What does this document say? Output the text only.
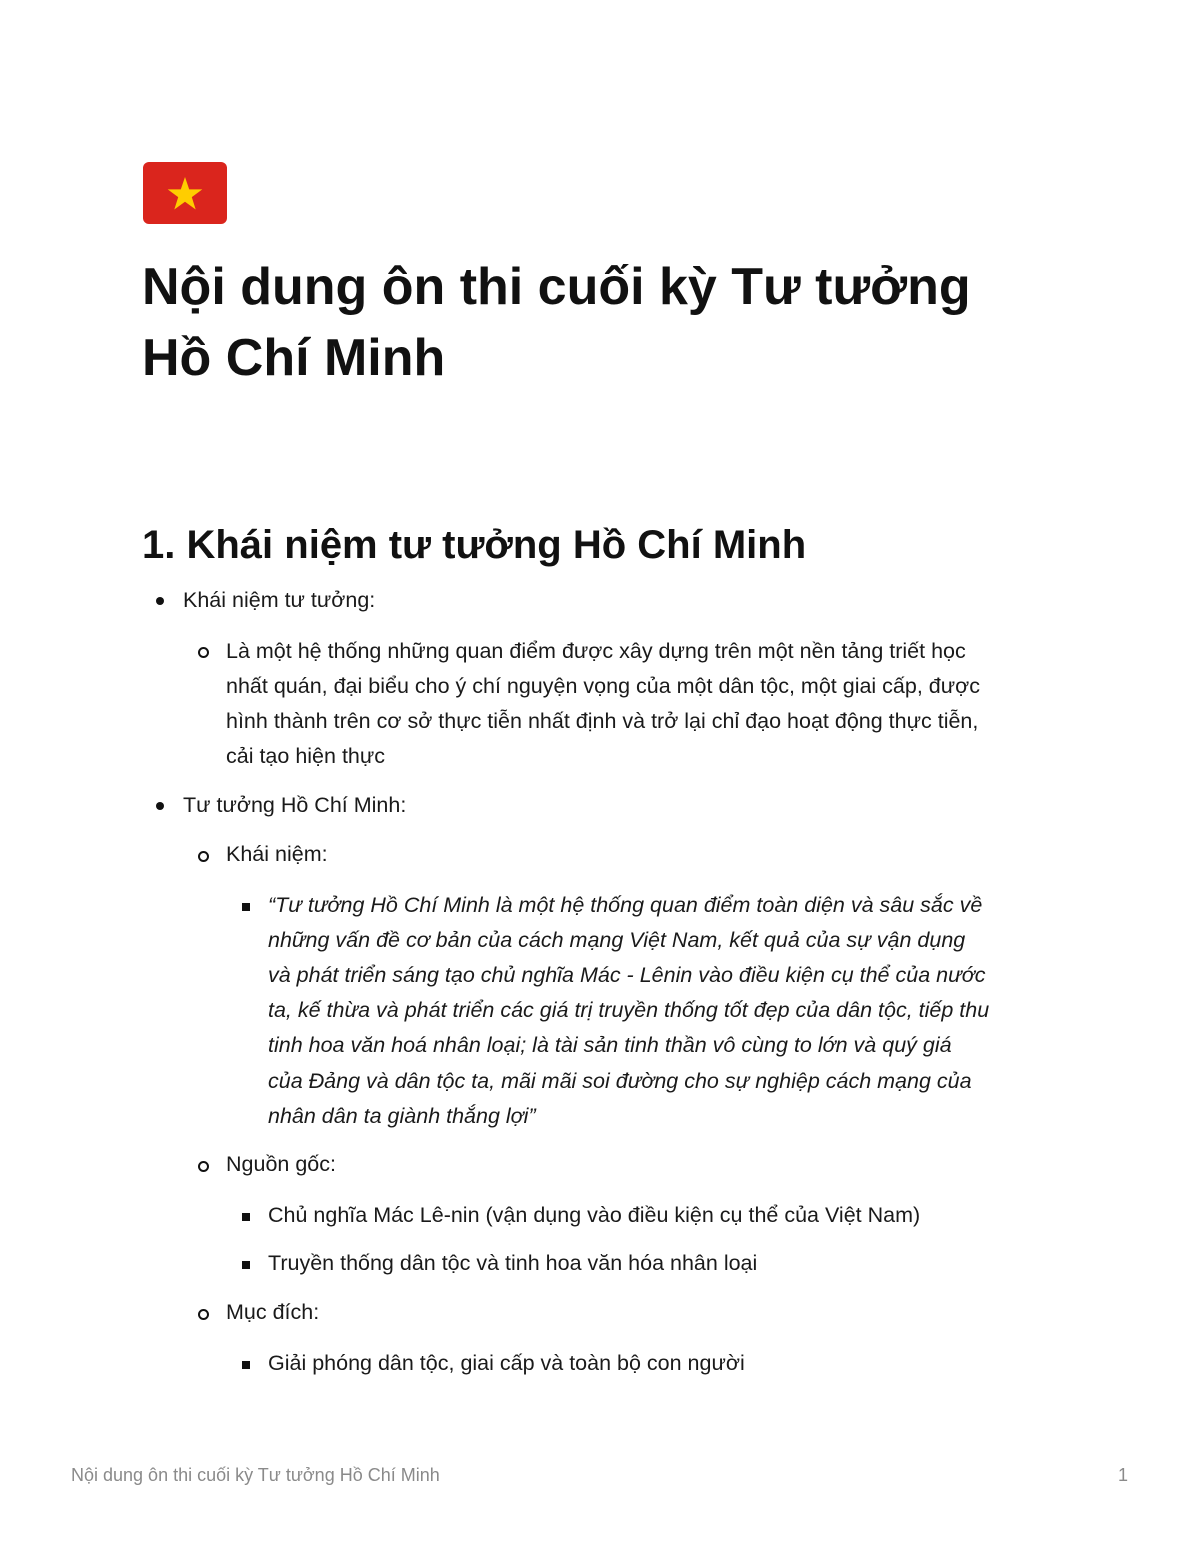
Nội dung ôn thi cuối kỳ Tư tưởng Hồ Chí Minh
1. Khái niệm tư tưởng Hồ Chí Minh
Khái niệm tư tưởng:
Là một hệ thống những quan điểm được xây dựng trên một nền tảng triết học
nhất quán, đại biểu cho ý chí nguyện vọng của một dân tộc, một giai cấp, được
hình thành trên cơ sở thực tiễn nhất định và trở lại chỉ đạo hoạt động thực tiễn,
cải tạo hiện thực
Tư tưởng Hồ Chí Minh:
Khái niệm:
“Tư tưởng Hồ Chí Minh là một hệ thống quan điểm toàn diện và sâu sắc về
những vấn đề cơ bản của cách mạng Việt Nam, kết quả của sự vận dụng
và phát triển sáng tạo chủ nghĩa Mác - Lênin vào điều kiện cụ thể của nước
ta, kế thừa và phát triển các giá trị truyền thống tốt đẹp của dân tộc, tiếp thu
tinh hoa văn hoá nhân loại; là tài sản tinh thần vô cùng to lớn và quý giá
của Đảng và dân tộc ta, mãi mãi soi đường cho sự nghiệp cách mạng của
nhân dân ta giành thắng lợi”
Nguồn gốc:
Chủ nghĩa Mác Lê-nin (vận dụng vào điều kiện cụ thể của Việt Nam)
Truyền thống dân tộc và tinh hoa văn hóa nhân loại
Mục đích:
Giải phóng dân tộc, giai cấp và toàn bộ con người
Nội dung ôn thi cuối kỳ Tư tưởng Hồ Chí Minh	1
